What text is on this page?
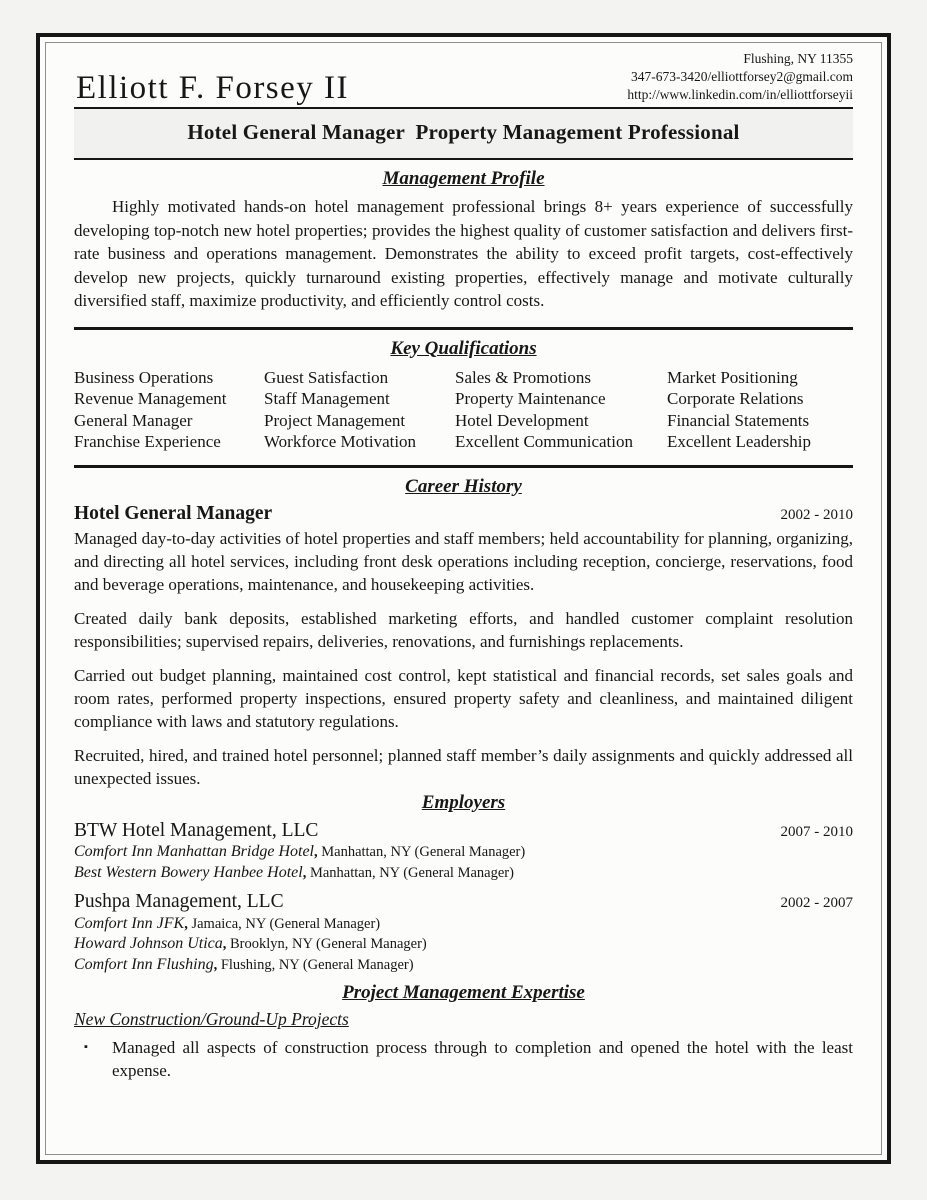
Elliott F. Forsey II
Flushing, NY 11355
347-673-3420/elliottforsey2@gmail.com
http://www.linkedin.com/in/elliottforseyii
Hotel General Manager  Property Management Professional
Management Profile

Highly motivated hands-on hotel management professional brings 8+ years experience of successfully developing top-notch new hotel properties; provides the highest quality of customer satisfaction and delivers first-rate business and operations management. Demonstrates the ability to exceed profit targets, cost-effectively develop new projects, quickly turnaround existing properties, effectively manage and motivate culturally diversified staff, maximize productivity, and efficiently control costs.

Key Qualifications
Business Operations	Guest Satisfaction	Sales & Promotions	Market Positioning
Revenue Management	Staff Management	Property Maintenance	Corporate Relations
General Manager	Project Management	Hotel Development	Financial Statements
Franchise Experience	Workforce Motivation	Excellent Communication	Excellent Leadership
Career History
Hotel General Manager	2002 - 2010

Managed day-to-day activities of hotel properties and staff members; held accountability for planning, organizing, and directing all hotel services, including front desk operations including reception, concierge, reservations, food and beverage operations, maintenance, and housekeeping activities.

Created daily bank deposits, established marketing efforts, and handled customer complaint resolution responsibilities; supervised repairs, deliveries, renovations, and furnishings replacements.

Carried out budget planning, maintained cost control, kept statistical and financial records, set sales goals and room rates, performed property inspections, ensured property safety and cleanliness, and maintained diligent compliance with laws and statutory regulations.

Recruited, hired, and trained hotel personnel; planned staff member’s daily assignments and quickly addressed all unexpected issues.

Employers
BTW Hotel Management, LLC	2007 - 2010
Comfort Inn Manhattan Bridge Hotel, Manhattan, NY (General Manager)
Best Western Bowery Hanbee Hotel, Manhattan, NY (General Manager)
Pushpa Management, LLC	2002 - 2007
Comfort Inn JFK, Jamaica, NY (General Manager)
Howard Johnson Utica, Brooklyn, NY (General Manager)
Comfort Inn Flushing, Flushing, NY (General Manager)
Project Management Expertise
New Construction/Ground-Up Projects
▪	Managed all aspects of construction process through to completion and opened the hotel with the least expense.
